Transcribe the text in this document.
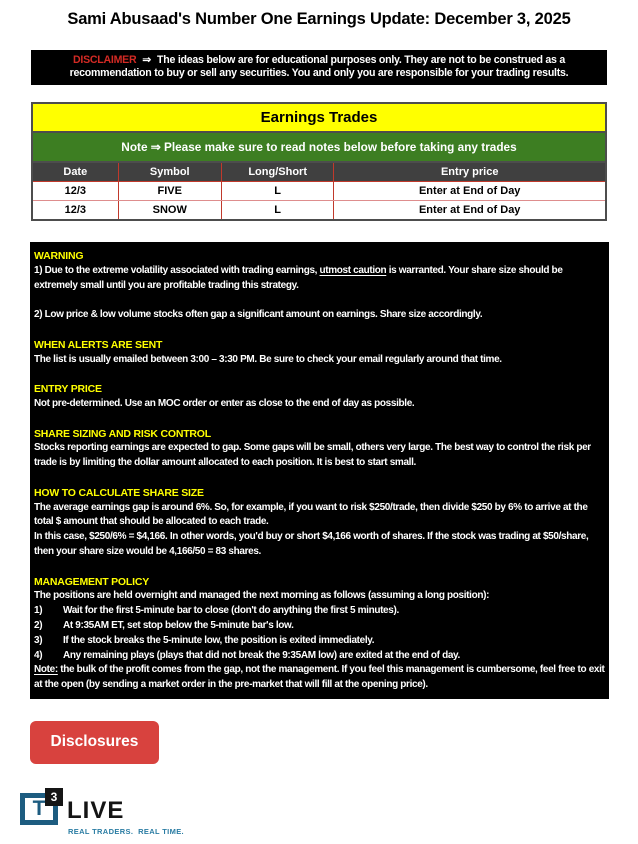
Sami Abusaad's Number One Earnings Update: December 3, 2025
DISCLAIMER ⇒ The ideas below are for educational purposes only. They are not to be construed as a recommendation to buy or sell any securities. You and only you are responsible for your trading results.
Earnings Trades			
Note ⇒ Please make sure to read notes below before taking any trades			
Date	Symbol	Long/Short	Entry price
12/3	FIVE	L	Enter at End of Day
12/3	SNOW	L	Enter at End of Day
WARNING
1) Due to the extreme volatility associated with trading earnings, utmost caution is warranted. Your share size should be extremely small until you are profitable trading this strategy.
2) Low price & low volume stocks often gap a significant amount on earnings. Share size accordingly.
WHEN ALERTS ARE SENT
The list is usually emailed between 3:00 – 3:30 PM. Be sure to check your email regularly around that time.
ENTRY PRICE
Not pre-determined. Use an MOC order or enter as close to the end of day as possible.
SHARE SIZING AND RISK CONTROL
Stocks reporting earnings are expected to gap. Some gaps will be small, others very large. The best way to control the risk per trade is by limiting the dollar amount allocated to each position. It is best to start small.
HOW TO CALCULATE SHARE SIZE
The average earnings gap is around 6%. So, for example, if you want to risk $250/trade, then divide $250 by 6% to arrive at the total $ amount that should be allocated to each trade.
In this case, $250/6% = $4,166. In other words, you'd buy or short $4,166 worth of shares. If the stock was trading at $50/share, then your share size would be 4,166/50 = 83 shares.
MANAGEMENT POLICY
The positions are held overnight and managed the next morning as follows (assuming a long position):
1) Wait for the first 5-minute bar to close (don't do anything the first 5 minutes).
2) At 9:35AM ET, set stop below the 5-minute bar's low.
3) If the stock breaks the 5-minute low, the position is exited immediately.
4) Any remaining plays (plays that did not break the 9:35AM low) are exited at the end of day.
Note: the bulk of the profit comes from the gap, not the management. If you feel this management is cumbersome, feel free to exit at the open (by sending a market order in the pre-market that will fill at the opening price).
Disclosures
T
3 LIVE
REAL TRADERS.  REAL TIME.
